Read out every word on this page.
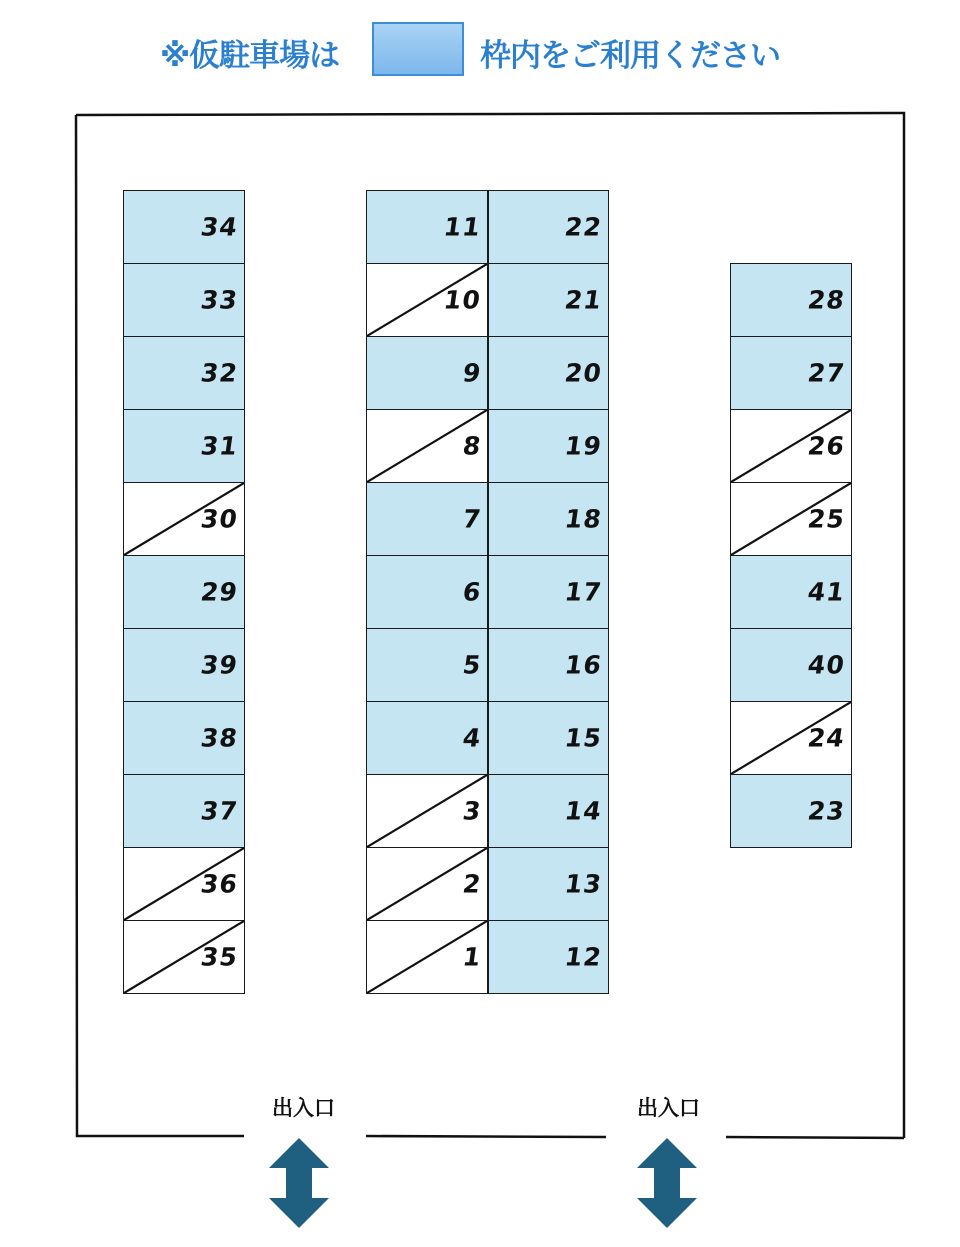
※仮駐車場は	枠内をご利用ください
34
33
32
31
30
29
39
38
37
36
35
11
10
9
8
7
6
5
4
3
2
1
22
21
20
19
18
17
16
15
14
13
12
28
27
26
25
41
40
24
23
出入口	出入口
